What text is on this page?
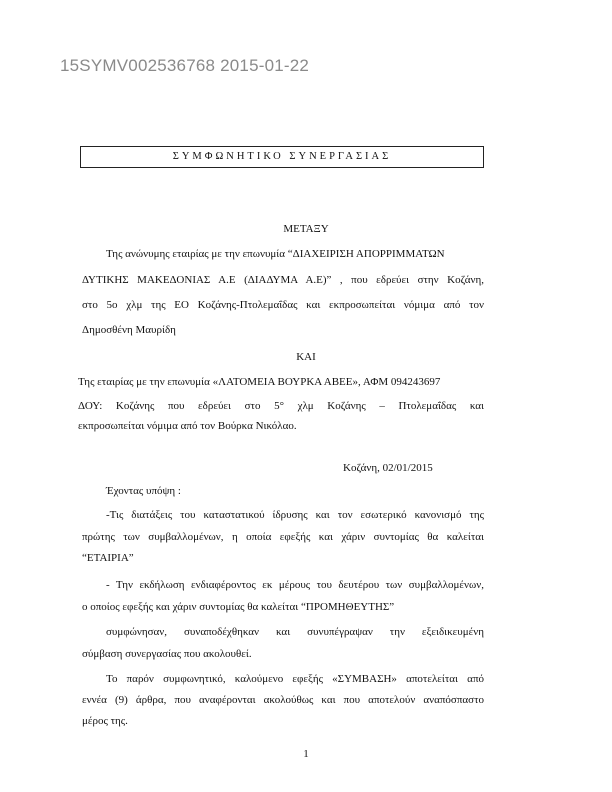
15SYMV002536768 2015-01-22
ΣΥΜΦΩΝΗΤΙΚΟ ΣΥΝΕΡΓΑΣΙΑΣ
ΜΕΤΑΞΥ
Της ανώνυμης εταιρίας με την επωνυμία “ΔΙΑΧΕΙΡΙΣΗ ΑΠΟΡΡΙΜΜΑΤΩΝ
ΔΥΤΙΚΗΣ ΜΑΚΕΔΟΝΙΑΣ Α.Ε (ΔΙΑΔΥΜΑ Α.Ε)” , που εδρεύει στην Κοζάνη,
στο 5ο χλμ της ΕΟ Κοζάνης-Πτολεμαΐδας και εκπροσωπείται νόμιμα από τον
Δημοσθένη Μαυρίδη
ΚΑΙ
Της εταιρίας με την επωνυμία «ΛΑΤΟΜΕΙΑ ΒΟΥΡΚΑ ΑΒΕΕ», ΑΦΜ 094243697
ΔΟΥ: Κοζάνης που εδρεύει στο 5° χλμ Κοζάνης – Πτολεμαΐδας και
εκπροσωπείται νόμιμα από τον Βούρκα Νικόλαο.
Κοζάνη, 02/01/2015
Έχοντας υπόψη :
-Τις διατάξεις του καταστατικού ίδρυσης και τον εσωτερικό κανονισμό της
πρώτης των συμβαλλομένων, η οποία εφεξής και χάριν συντομίας θα καλείται
“ΕΤΑΙΡΙΑ”
- Την εκδήλωση ενδιαφέροντος εκ μέρους του δευτέρου των συμβαλλομένων,
ο οποίος εφεξής και χάριν συντομίας θα καλείται “ΠΡΟΜΗΘΕΥΤΗΣ”
συμφώνησαν, συναποδέχθηκαν και συνυπέγραψαν την εξειδικευμένη
σύμβαση συνεργασίας που ακολουθεί.
Το παρόν συμφωνητικό, καλούμενο εφεξής «ΣΥΜΒΑΣΗ» αποτελείται από
εννέα (9) άρθρα, που αναφέρονται ακολούθως και που αποτελούν αναπόσπαστο
μέρος της.
1
